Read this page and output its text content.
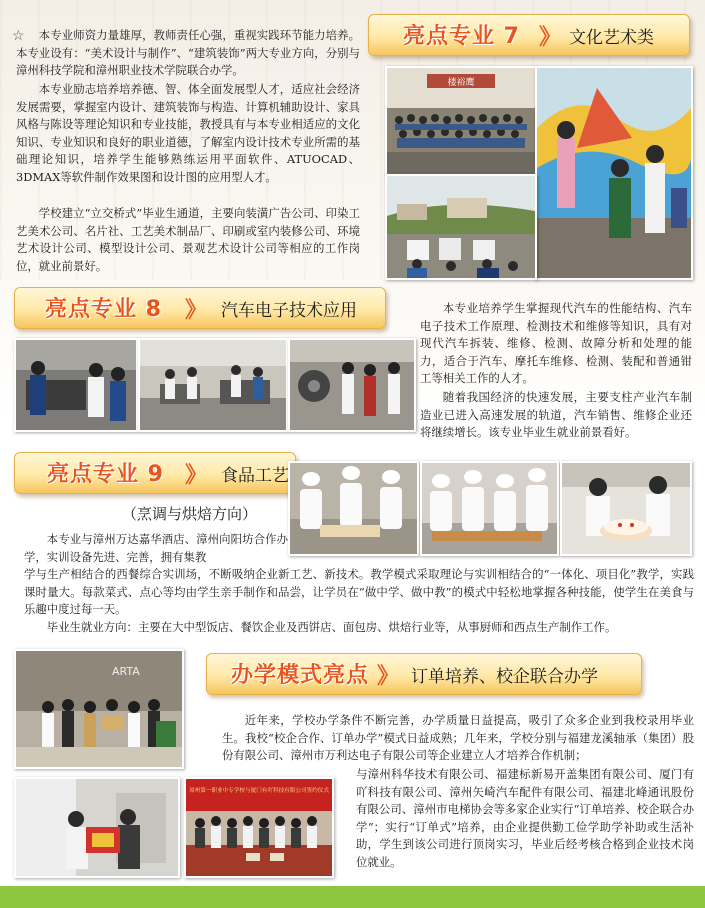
☆	本专业师资力量雄厚，教师责任心强，重视实践环节能力培养。本专业设有：“美术设计与制作”、“建筑装饰”两大专业方向，分别与漳州科技学院和漳州职业技术学院联合办学。

本专业励志培养培养德、智、体全面发展型人才，适应社会经济发展需要，掌握室内设计、建筑装饰与构造、计算机辅助设计、家具风格与陈设等理论知识和专业技能，教授具有与本专业相适应的文化知识、专业知识和良好的职业道德，了解室内设计技术专业所需的基础理论知识，培养学生能够熟练运用平面软件、ATUOCAD、3DMAX等软件制作效果图和设计图的应用型人才。

学校建立“立交桥式”毕业生通道，主要向装潢广告公司、印染工艺美术公司、名片社、工艺美术制品厂、印刷或室内装修公司、环境艺术设计公司、模型设计公司、景观艺术设计公司等相应的工作岗位，就业前景好。

亮点专业 7 》 文化艺术类
楼裕鹰
亮点专业 8 》 汽车电子技术应用	本专业培养学生掌握现代汽车的性能结构、汽车电子技术工作原理、检测技术和维修等知识，具有对现代汽车拆装、维修、检测、故障分析和处理的能力，适合于汽车、摩托车维修、检测、装配和普通钳工等相关工作的人才。

随着我国经济的快速发展，主要支柱产业汽车制造业已进入高速发展的轨道，汽车销售、维修企业还将继续增长。该专业毕业生就业前景看好。

亮点专业 9 》 食品工艺
（烹调与烘焙方向）

本专业与漳州万达嘉华酒店、漳州向阳坊合作办学，实训设备先进、完善，拥有集教

学与生产相结合的西餐综合实训场，不断吸纳企业新工艺、新技术。教学模式采取理论与实训相结合的“一体化、项目化”教学，实践课时量大。每款菜式、点心等均由学生亲手制作和品尝，让学员在“做中学、做中教”的模式中轻松地掌握各种技能，使学生在美食与乐趣中度过每一天。

毕业生就业方向：主要在大中型饭店、餐饮企业及西饼店、面包房、烘焙行业等，从事厨师和西点生产制作工作。

ARTA	办学模式亮点 》 订单培养、校企联合办学

近年来，学校办学条件不断完善，办学质量日益提高，吸引了众多企业到我校录用毕业生。我校“校企合作、订单办学”模式日益成熟；几年来，学校分别与福建龙溪轴承（集团）股份有限公司、漳州市万利达电子有限公司等企业建立人才培养合作机制；

漳州第一职业中专学校与厦门有吖科技有限公司签约仪式

与漳州科华技术有限公司、福建标新易开盖集团有限公司、厦门有吖科技有限公司、漳州矢崎汽车配件有限公司、福建北峰通讯股份有限公司、漳州市电梯协会等多家企业实行“订单培养、校企联合办学”；实行“订单式”培养，由企业提供勤工俭学助学补助或生活补助，学生到该公司进行顶岗实习，毕业后经考核合格到企业技术岗位就业。
